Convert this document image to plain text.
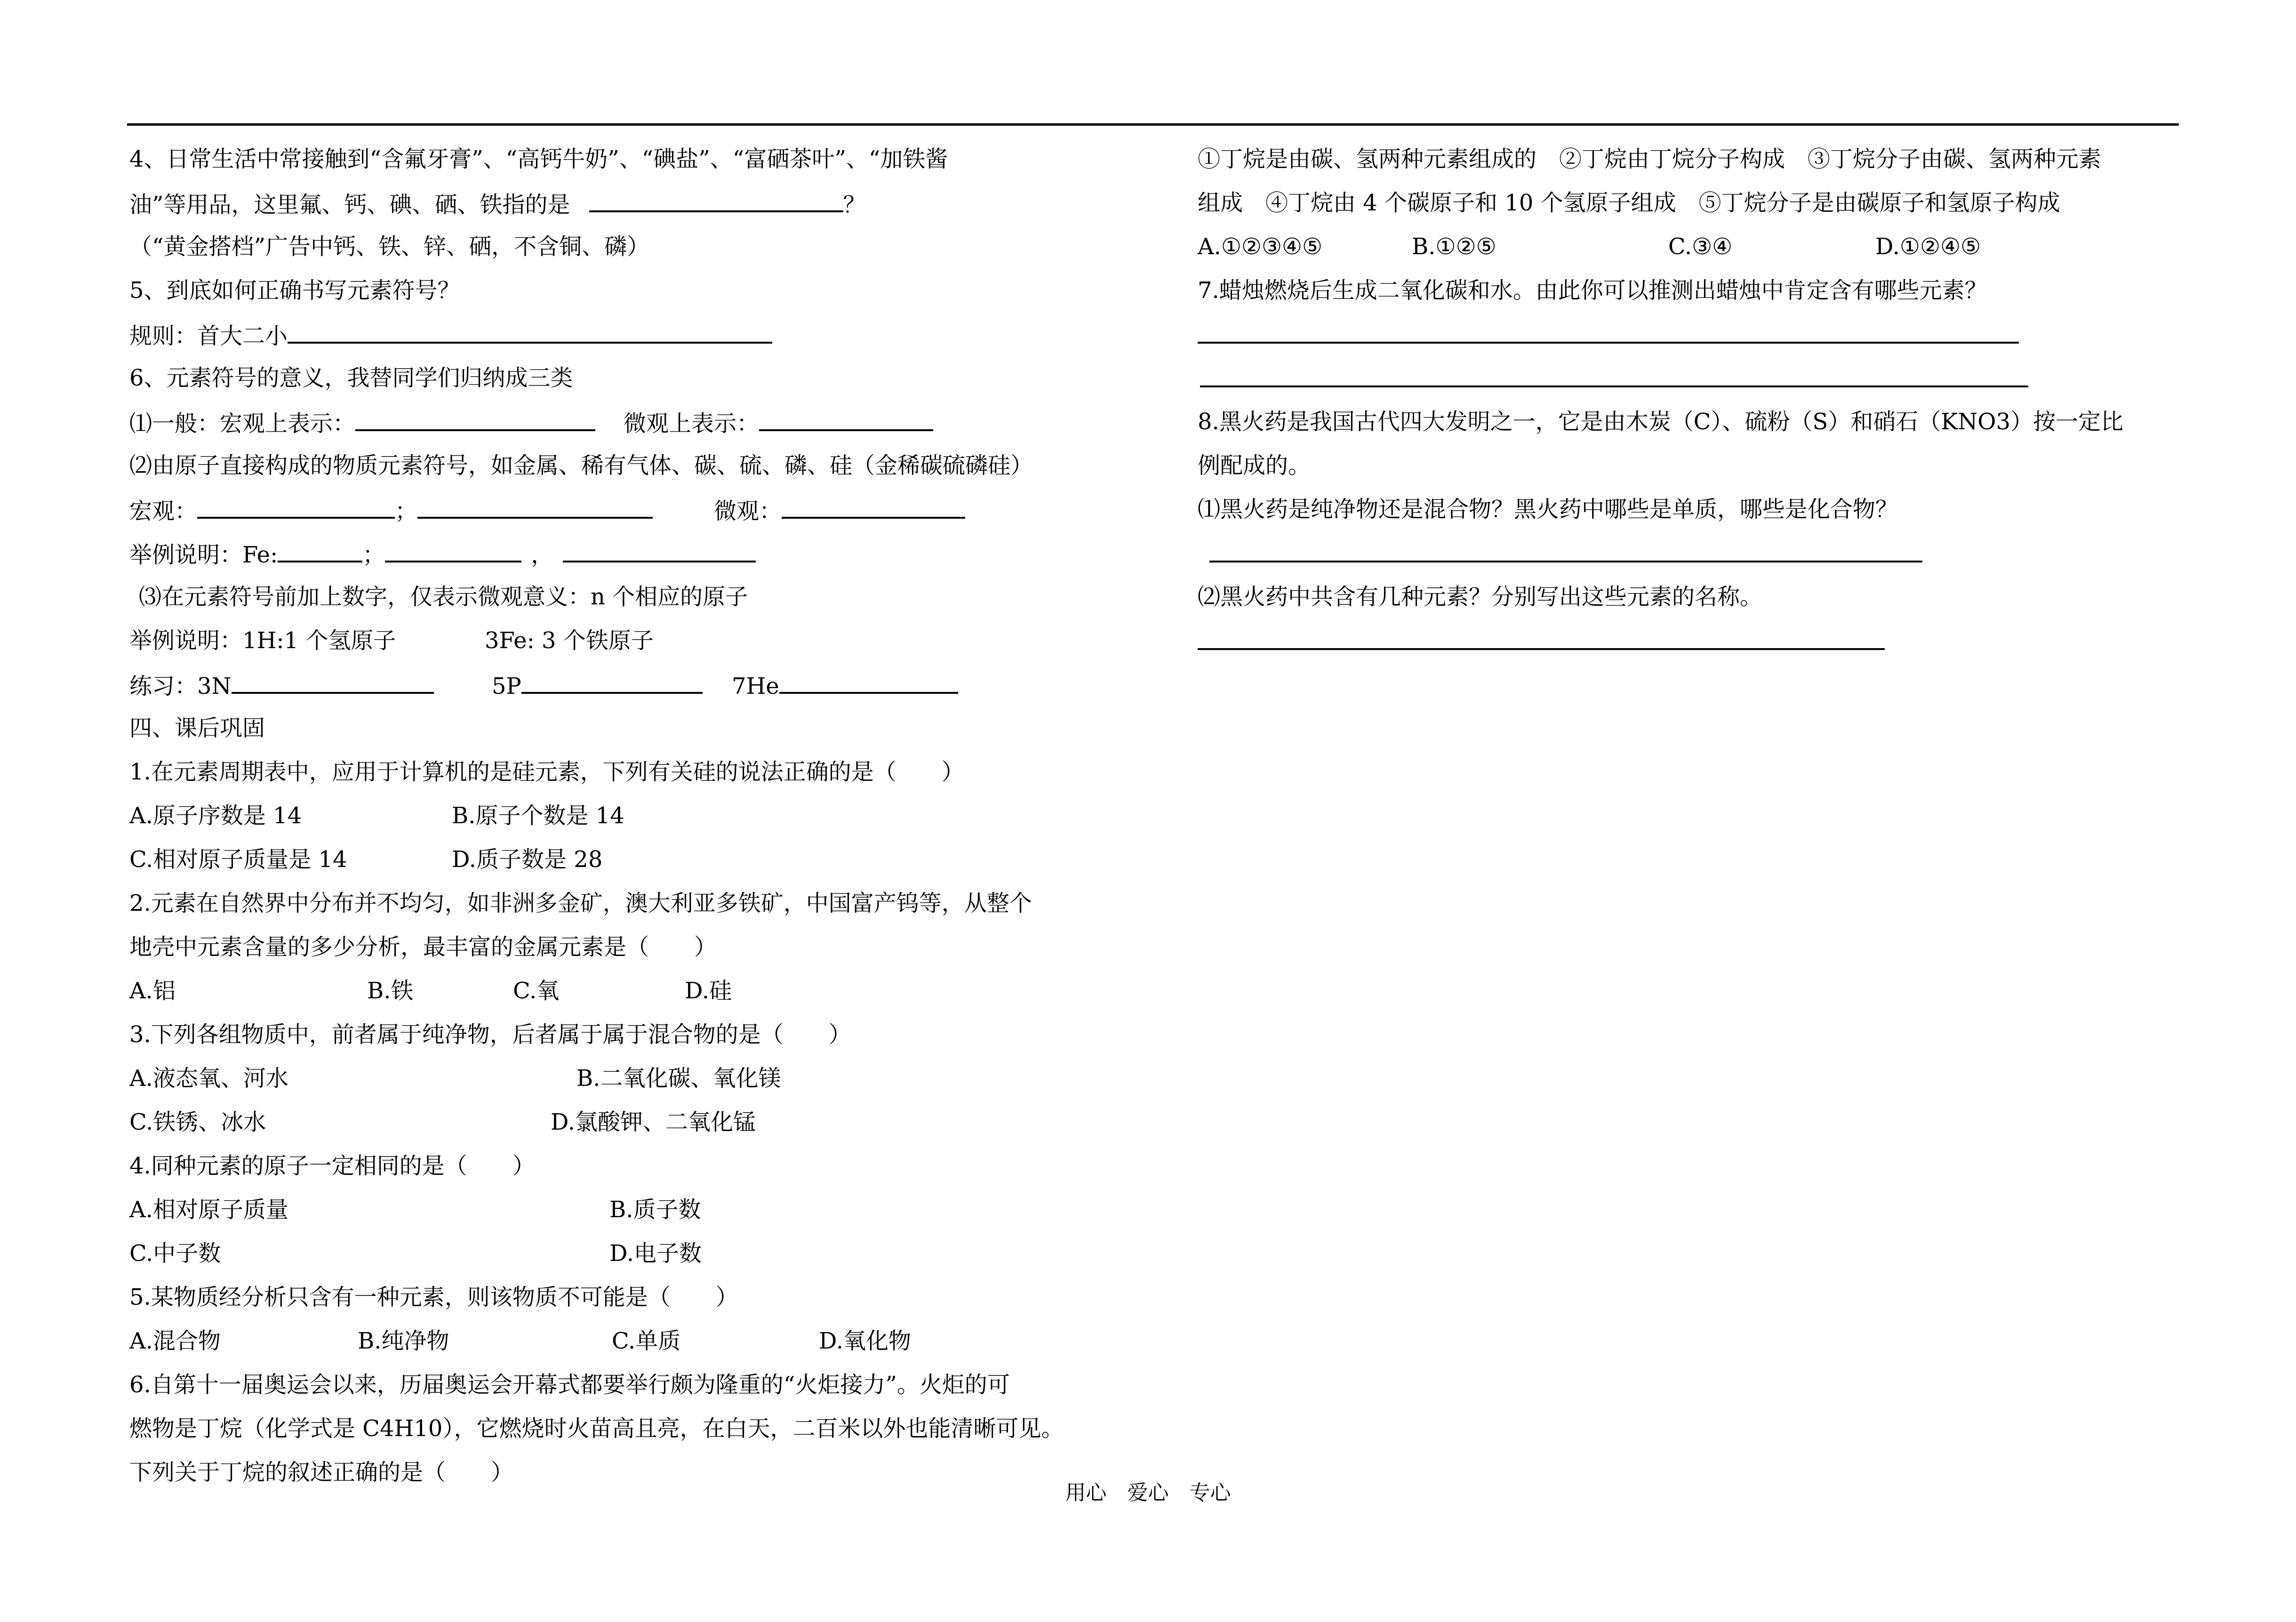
4、日常生活中常接触到“含氟牙膏”、“高钙牛奶”、“碘盐”、“富硒茶叶”、“加铁酱
油”等用品，这里氟、钙、碘、硒、铁指的是	？
（“黄金搭档”广告中钙、铁、锌、硒，不含铜、磷）
5、到底如何正确书写元素符号？
规则：首大二小
6、元素符号的意义，我替同学们归纳成三类
⑴一般：宏观上表示：	微观上表示：
⑵由原子直接构成的物质元素符号，如金属、稀有气体、碳、硫、磷、硅（金稀碳硫磷硅）
宏观：	；	微观：
举例说明：Fe:	；	，
⑶在元素符号前加上数字，仅表示微观意义：n 个相应的原子
举例说明：1H:1 个氢原子	3Fe: 3 个铁原子
练习：3N	5P	7He
四、课后巩固
1.在元素周期表中，应用于计算机的是硅元素，下列有关硅的说法正确的是（　　）
A.原子序数是 14	B.原子个数是 14
C.相对原子质量是 14	D.质子数是 28
2.元素在自然界中分布并不均匀，如非洲多金矿，澳大利亚多铁矿，中国富产钨等，从整个
地壳中元素含量的多少分析，最丰富的金属元素是（　　）
A.铝	B.铁	C.氧	D.硅
3.下列各组物质中，前者属于纯净物，后者属于属于混合物的是（　　）
A.液态氧、河水	B.二氧化碳、氧化镁
C.铁锈、冰水	D.氯酸钾、二氧化锰
4.同种元素的原子一定相同的是（　　）
A.相对原子质量	B.质子数
C.中子数	D.电子数
5.某物质经分析只含有一种元素，则该物质不可能是（　　）
A.混合物	B.纯净物	C.单质	D.氧化物
6.自第十一届奥运会以来，历届奥运会开幕式都要举行颇为隆重的“火炬接力”。火炬的可
燃物是丁烷（化学式是 C4H10），它燃烧时火苗高且亮，在白天，二百米以外也能清晰可见。
下列关于丁烷的叙述正确的是（　　）
①丁烷是由碳、氢两种元素组成的　②丁烷由丁烷分子构成　③丁烷分子由碳、氢两种元素
组成　④丁烷由 4 个碳原子和 10 个氢原子组成　⑤丁烷分子是由碳原子和氢原子构成
A.①②③④⑤	B.①②⑤	C.③④	D.①②④⑤
7.蜡烛燃烧后生成二氧化碳和水。由此你可以推测出蜡烛中肯定含有哪些元素？
8.黑火药是我国古代四大发明之一，它是由木炭（C）、硫粉（S）和硝石（KNO3）按一定比
例配成的。
⑴黑火药是纯净物还是混合物？黑火药中哪些是单质，哪些是化合物？
⑵黑火药中共含有几种元素？分别写出这些元素的名称。
用心　爱心　专心
